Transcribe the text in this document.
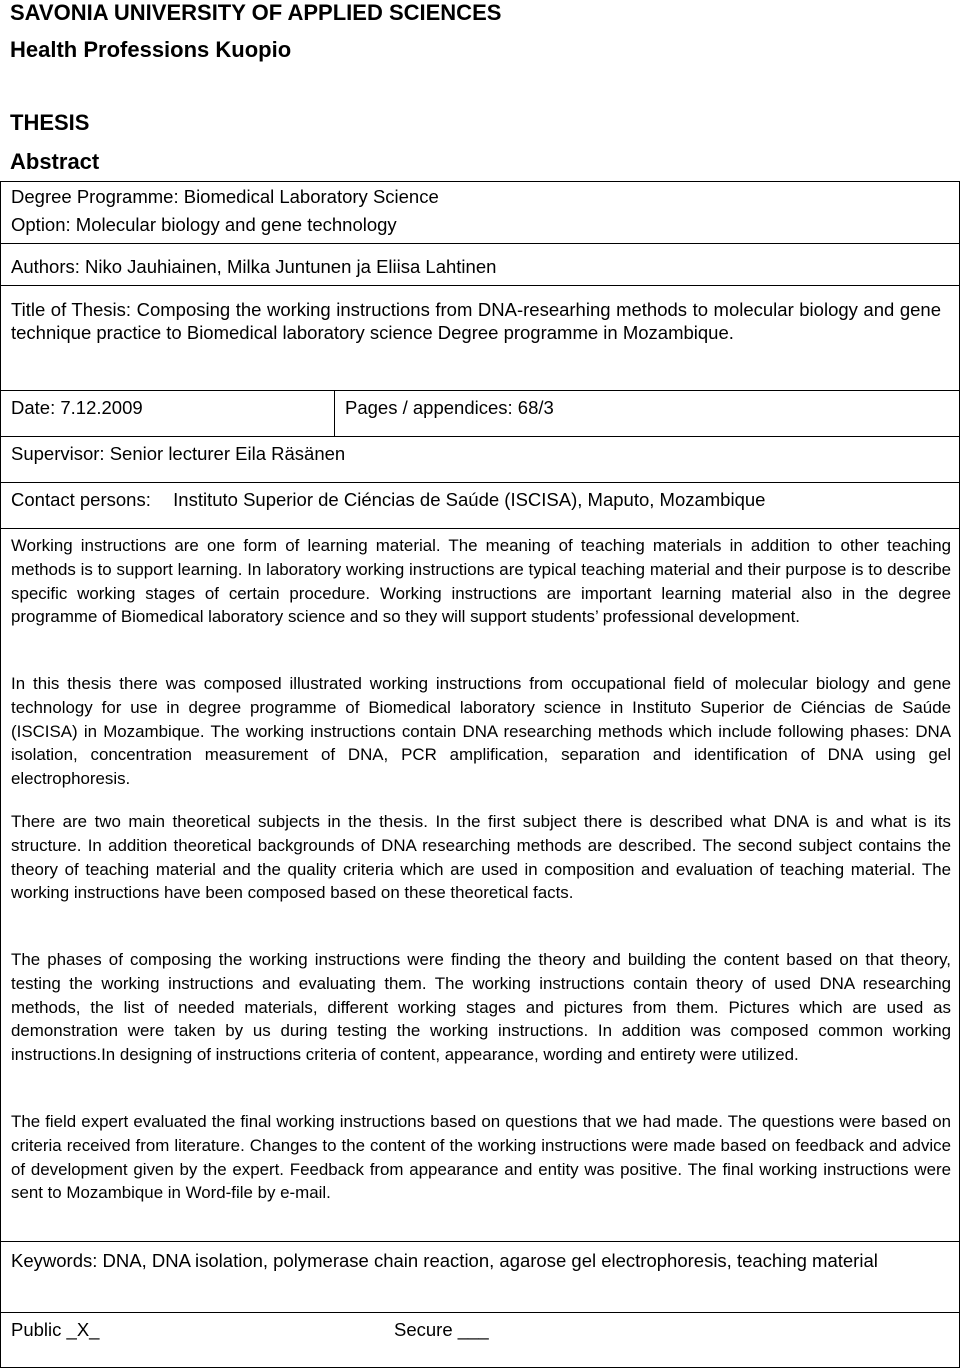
SAVONIA UNIVERSITY OF APPLIED SCIENCES
Health Professions Kuopio
THESIS
Abstract
Degree Programme: Biomedical Laboratory Science
Option: Molecular biology and gene technology
Authors: Niko Jauhiainen, Milka Juntunen ja Eliisa Lahtinen
Title of Thesis: Composing the working instructions from DNA-researhing methods to molecular biology and gene technique practice to Biomedical laboratory science Degree programme in Mozambique.
Date: 7.12.2009	Pages / appendices: 68/3
Supervisor: Senior lecturer Eila Räsänen
Contact persons: Instituto Superior de Ciéncias de Saúde (ISCISA), Maputo, Mozambique
Working instructions are one form of learning material. The meaning of teaching materials in addition to other teaching methods is to support learning. In laboratory working instructions are typical teaching material and their purpose is to describe specific working stages of certain procedure. Working instructions are important learning material also in the degree programme of Biomedical laboratory science and so they will support students’ professional development.
In this thesis there was composed illustrated working instructions from occupational field of molecular biology and gene technology for use in degree programme of Biomedical laboratory science in Instituto Superior de Ciéncias de Saúde (ISCISA) in Mozambique. The working instructions contain DNA researching methods which include following phases: DNA isolation, concentration measurement of DNA, PCR amplification, separation and identification of DNA using gel electrophoresis.
There are two main theoretical subjects in the thesis. In the first subject there is described what DNA is and what is its structure. In addition theoretical backgrounds of DNA researching methods are described. The second subject contains the theory of teaching material and the quality criteria which are used in composition and evaluation of teaching material. The working instructions have been composed based on these theoretical facts.
The phases of composing the working instructions were finding the theory and building the content based on that theory, testing the working instructions and evaluating them. The working instructions contain theory of used DNA researching methods, the list of needed materials, different working stages and pictures from them. Pictures which are used as demonstration were taken by us during testing the working instructions. In addition was composed common working instructions.In designing of instructions criteria of content, appearance, wording and entirety were utilized.
The field expert evaluated the final working instructions based on questions that we had made. The questions were based on criteria received from literature. Changes to the content of the working instructions were made based on feedback and advice of development given by the expert. Feedback from appearance and entity was positive. The final working instructions were sent to Mozambique in Word-file by e-mail.
Keywords: DNA, DNA isolation, polymerase chain reaction, agarose gel electrophoresis, teaching material
Public _X_	Secure ___
